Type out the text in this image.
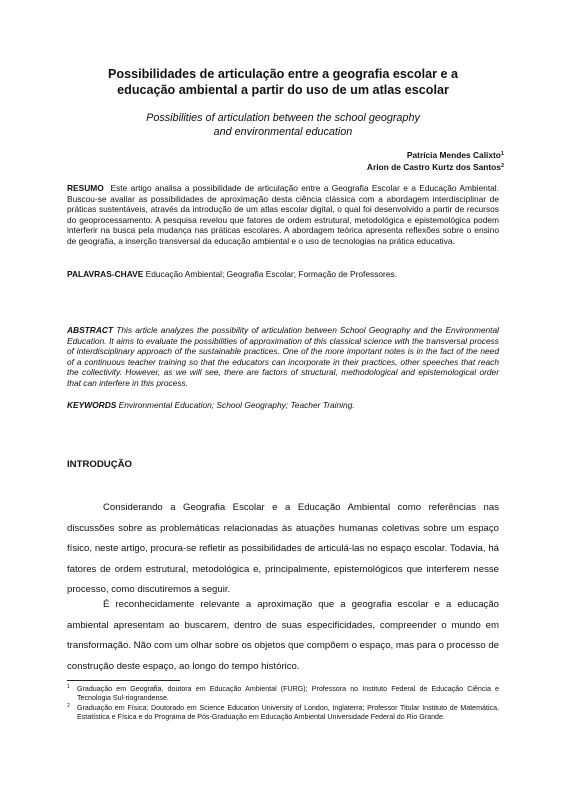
Possibilidades de articulação entre a geografia escolar e a
educação ambiental a partir do uso de um atlas escolar
Possibilities of articulation between the school geography
and environmental education
Patrícia Mendes Calixto$^1$
Arion de Castro Kurtz dos Santos$^2$

RESUMO Este artigo analisa a possibilidade de articulação entre a Geografia Escolar e a Educação Ambiental. Buscou-se avaliar as possibilidades de aproximação desta ciência clássica com a abordagem interdisciplinar de práticas sustentáveis, através da introdução de um atlas escolar digital, o qual foi desenvolvido a partir de recursos do geoprocessamento. A pesquisa revelou que fatores de ordem estrutural, metodológica e epistemológica podem interferir na busca pela mudança nas práticas escolares. A abordagem teórica apresenta reflexões sobre o ensino de geografia, a inserção transversal da educação ambiental e o uso de tecnologias na prática educativa.

PALAVRAS-CHAVE Educação Ambiental; Geografia Escolar; Formação de Professores.

ABSTRACT This article analyzes the possibility of articulation between School Geography and the Environmental Education. It aims to evaluate the possibilities of approximation of this classical science with the transversal process of interdisciplinary approach of the sustainable practices. One of the more important notes is in the fact of the need of a continuous teacher training so that the educators can incorporate in their practices, other speeches that reach the collectivity. However, as we will see, there are factors of structural, methodological and epistemological order that can interfere in this process.

KEYWORDS Environmental Education; School Geography; Teacher Training.

INTRODUÇÃO

Considerando a Geografia Escolar e a Educação Ambiental como referências nas discussões sobre as problemáticas relacionadas às atuações humanas coletivas sobre um espaço físico, neste artigo, procura-se refletir as possibilidades de articulá-las no espaço escolar. Todavia, há fatores de ordem estrutural, metodológica e, principalmente, epistemológicos que interferem nesse processo, como discutiremos a seguir.

É reconhecidamente relevante a aproximação que a geografia escolar e a educação ambiental apresentam ao buscarem, dentro de suas especificidades, compreender o mundo em transformação. Não com um olhar sobre os objetos que compõem o espaço, mas para o processo de construção deste espaço, ao longo do tempo histórico.

1	Graduação em Geografia, doutora em Educação Ambiental (FURG); Professora no Instituto Federal de Educação Ciência e Tecnologia Sul-riograndense.
2	Graduação em Física; Doutorado em Science Education University of London, Inglaterra; Professor Titular Instituto de Matemática, Estatística e Física e do Programa de Pós-Graduação em Educação Ambiental Universidade Federal do Rio Grande.
